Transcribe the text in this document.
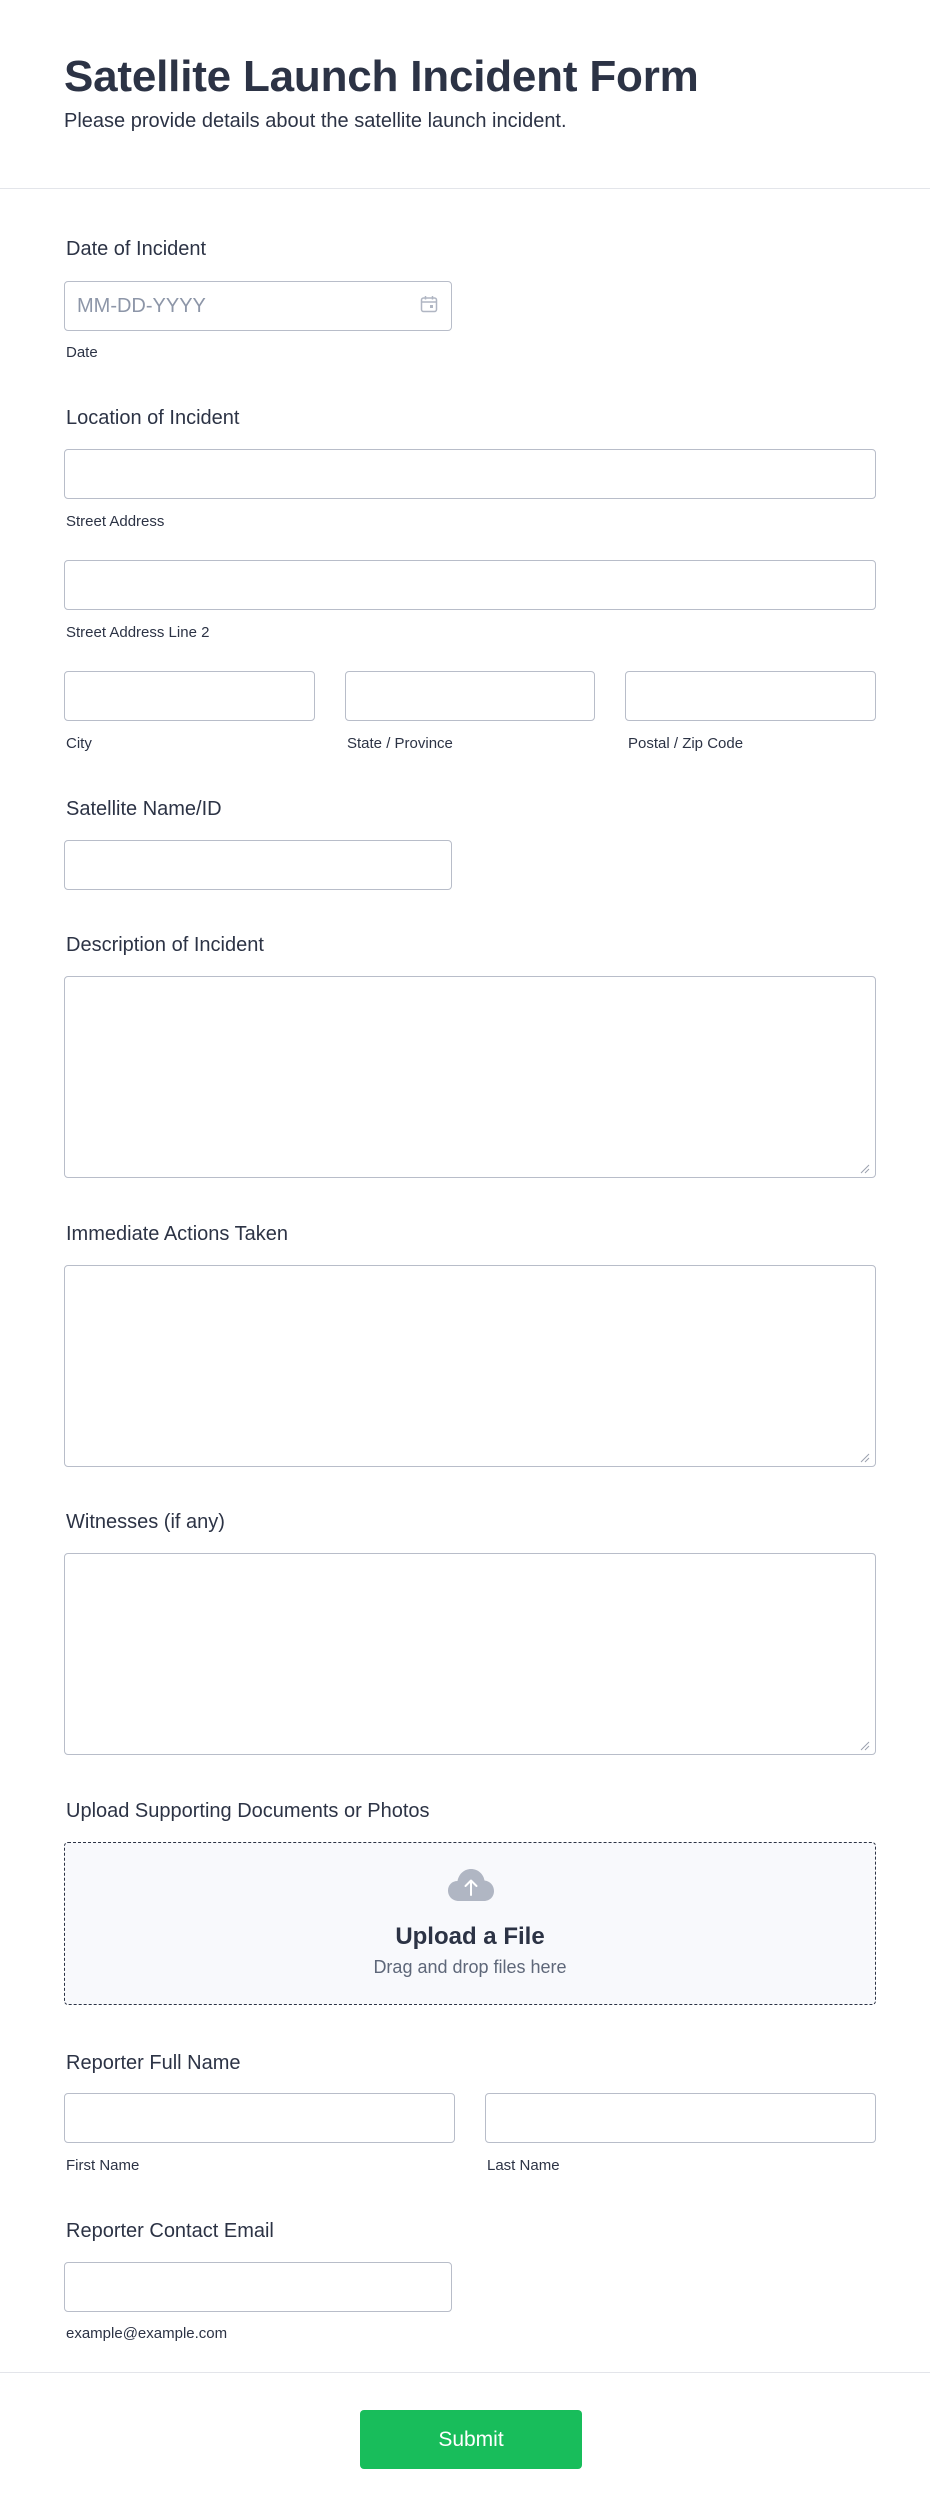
Satellite Launch Incident Form

Please provide details about the satellite launch incident.

Date of Incident
MM-DD-YYYY
Date
Location of Incident
Street Address
Street Address Line 2
City	State / Province	Postal / Zip Code
Satellite Name/ID
Description of Incident
Immediate Actions Taken
Witnesses (if any)
Upload Supporting Documents or Photos
Upload a File
Drag and drop files here
Reporter Full Name
First Name	Last Name
Reporter Contact Email
example@example.com
Submit
